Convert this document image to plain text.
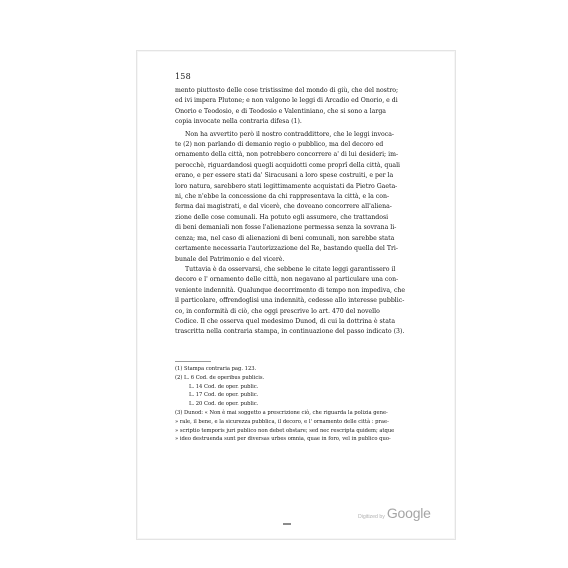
158

mento piuttosto delle cose tristissime del mondo di giù, che del nostro;

ed ivi impera Plutone; e non valgono le leggi di Arcadio ed Onorio, e di

Onorio e Teodosio, e di Teodosio e Valentiniano, che si sono a larga

copia invocate nella contraria difesa (1).

Non ha avvertito però il nostro contraddittore, che le leggi invoca-

te (2) non parlando di demanio regio o pubblico, ma del decoro ed

ornamento della città, non potrebbero concorrere a' di lui desideri; im-

perocchè, riguardandosi quegli acquidotti come proprî della città, quali

erano, e per essere stati da' Siracusani a loro spese costruiti, e per la

loro natura, sarebbero stati legittimamente acquistati da Pietro Gaeta-

ni, che n'ebbe la concessione da chi rappresentava la città, e la con-

ferma dai magistrati, e dal vicerè, che doveano concorrere all'aliena-

zione delle cose comunali. Ha potuto egli assumere, che trattandosi

di beni demaniali non fosse l'alienazione permessa senza la sovrana li-

cenza; ma, nel caso di alienazioni di beni comunali, non sarebbe stata

certamente necessaria l'autorizzazione del Re, bastando quella del Tri-

bunale del Patrimonio e del vicerè.

Tuttavia è da osservarsi, che sebbene le citate leggi garantissero il

decoro e l' ornamento delle città, non negavano al particulare una con-

veniente indennità. Qualunque decorrimento di tempo non impediva, che

il particolare, offrendoglisi una indennità, cedesse allo interesse pubblic-

co, in conformità di ciò, che oggi prescrive lo art. 470 del novello

Codice. Il che osserva quel medesimo Dunod, di cui la dottrina è stata

trascritta nella contraria stampa, in continuazione del passo indicato (3).

(1) Stampa contraria pag. 123.

(2) L. 6 Cod. de operibus publicis.

L. 14 Cod. de oper. public.

L. 17 Cod. de oper. public.

L. 20 Cod. de oper. public.

(3) Dunod: « Non è mai soggetto a prescrizione ciò, che riguarda la polizia gene-

» rale, il bene, e la sicurezza pubblica, il decoro, e l' ornamento delle città : prae-

» scriptio temporis juri publico non debet obstare; sed nec rescripta quidem; atque

» ideo destruenda sunt per diversas urbes omnia, quae in foro, vel in publico quo-

Digitized by Google
